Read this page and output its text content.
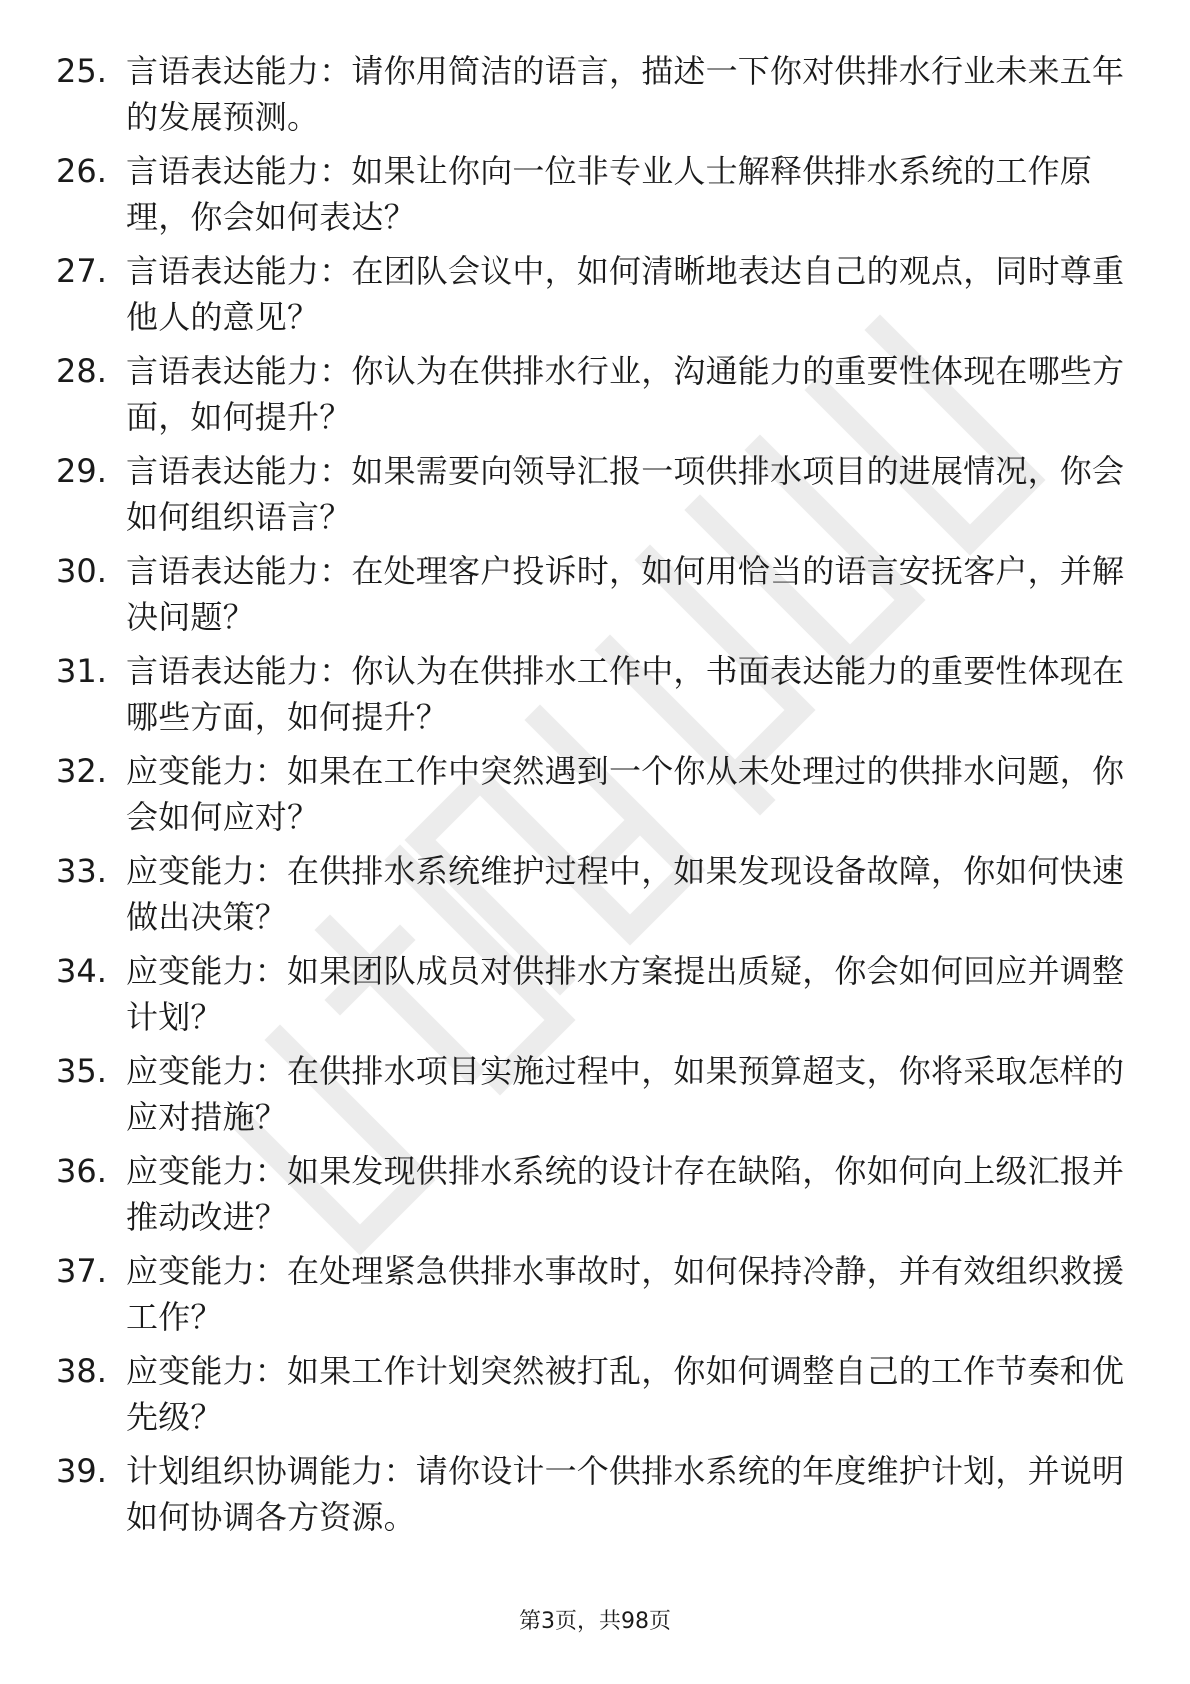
25. 言语表达能力：请你用简洁的语言，描述一下你对供排水行业未来五年的发展预测。
26. 言语表达能力：如果让你向一位非专业人士解释供排水系统的工作原理，你会如何表达？
27. 言语表达能力：在团队会议中，如何清晰地表达自己的观点，同时尊重他人的意见？
28. 言语表达能力：你认为在供排水行业，沟通能力的重要性体现在哪些方面，如何提升？
29. 言语表达能力：如果需要向领导汇报一项供排水项目的进展情况，你会如何组织语言？
30. 言语表达能力：在处理客户投诉时，如何用恰当的语言安抚客户，并解决问题？
31. 言语表达能力：你认为在供排水工作中，书面表达能力的重要性体现在哪些方面，如何提升？
32. 应变能力：如果在工作中突然遇到一个你从未处理过的供排水问题，你会如何应对？
33. 应变能力：在供排水系统维护过程中，如果发现设备故障，你如何快速做出决策？
34. 应变能力：如果团队成员对供排水方案提出质疑，你会如何回应并调整计划？
35. 应变能力：在供排水项目实施过程中，如果预算超支，你将采取怎样的应对措施？
36. 应变能力：如果发现供排水系统的设计存在缺陷，你如何向上级汇报并推动改进？
37. 应变能力：在处理紧急供排水事故时，如何保持冷静，并有效组织救援工作？
38. 应变能力：如果工作计划突然被打乱，你如何调整自己的工作节奏和优先级？
39. 计划组织协调能力：请你设计一个供排水系统的年度维护计划，并说明如何协调各方资源。
第3页，共98页
